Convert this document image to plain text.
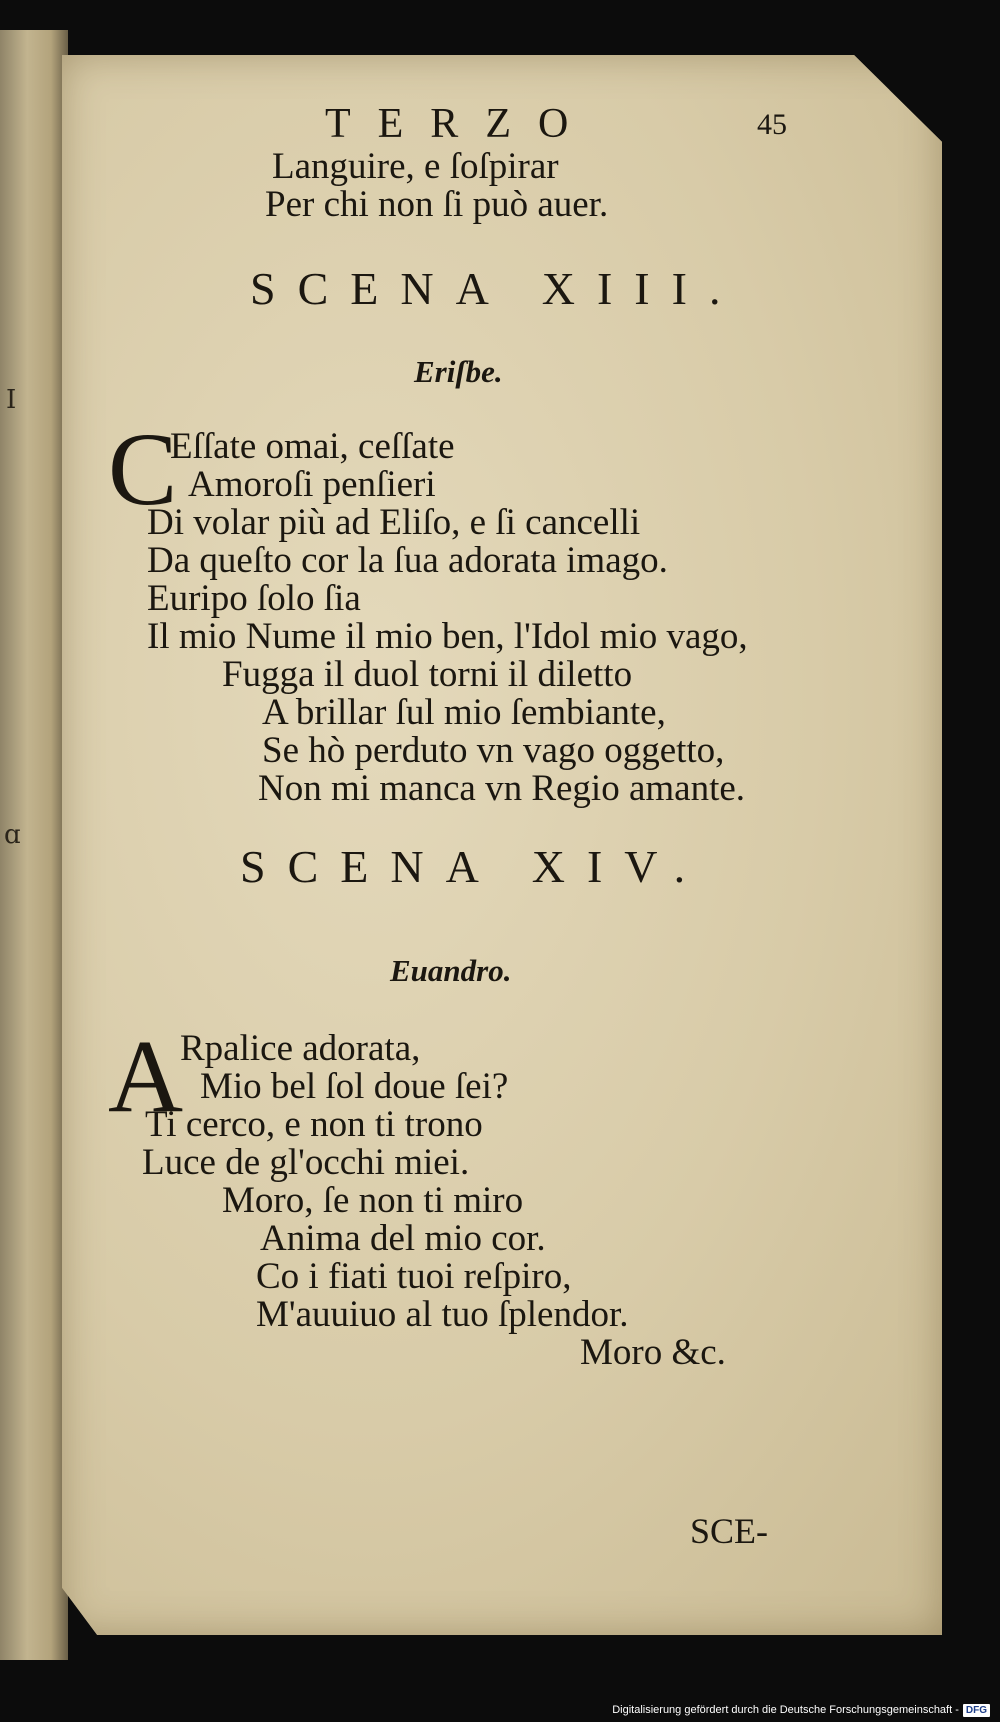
I
ɑ
TERZO	45
Languire, e ſoſpirar
Per chi non ſi può auer.
SCENA XIII.
Eriſbe.
C
Eſſate omai, ceſſate
Amoroſi penſieri
Di volar più ad Eliſo, e ſi cancelli
Da queſto cor la ſua adorata imago.
Euripo ſolo ſia
Il mio Nume il mio ben, l'Idol mio vago,
Fugga il duol torni il diletto
A brillar ſul mio ſembiante,
Se hò perduto vn vago oggetto,
Non mi manca vn Regio amante.
SCENA XIV.
Euandro.
A
Rpalice adorata,
Mio bel ſol doue ſei?
Ti cerco, e non ti trono
Luce de gl'occhi miei.
Moro, ſe non ti miro
Anima del mio cor.
Co i fiati tuoi reſpiro,
M'auuiuo al tuo ſplendor.
Moro &c.
SCE-
Digitalisierung gefördert durch die Deutsche Forschungsgemeinschaft - DFG
